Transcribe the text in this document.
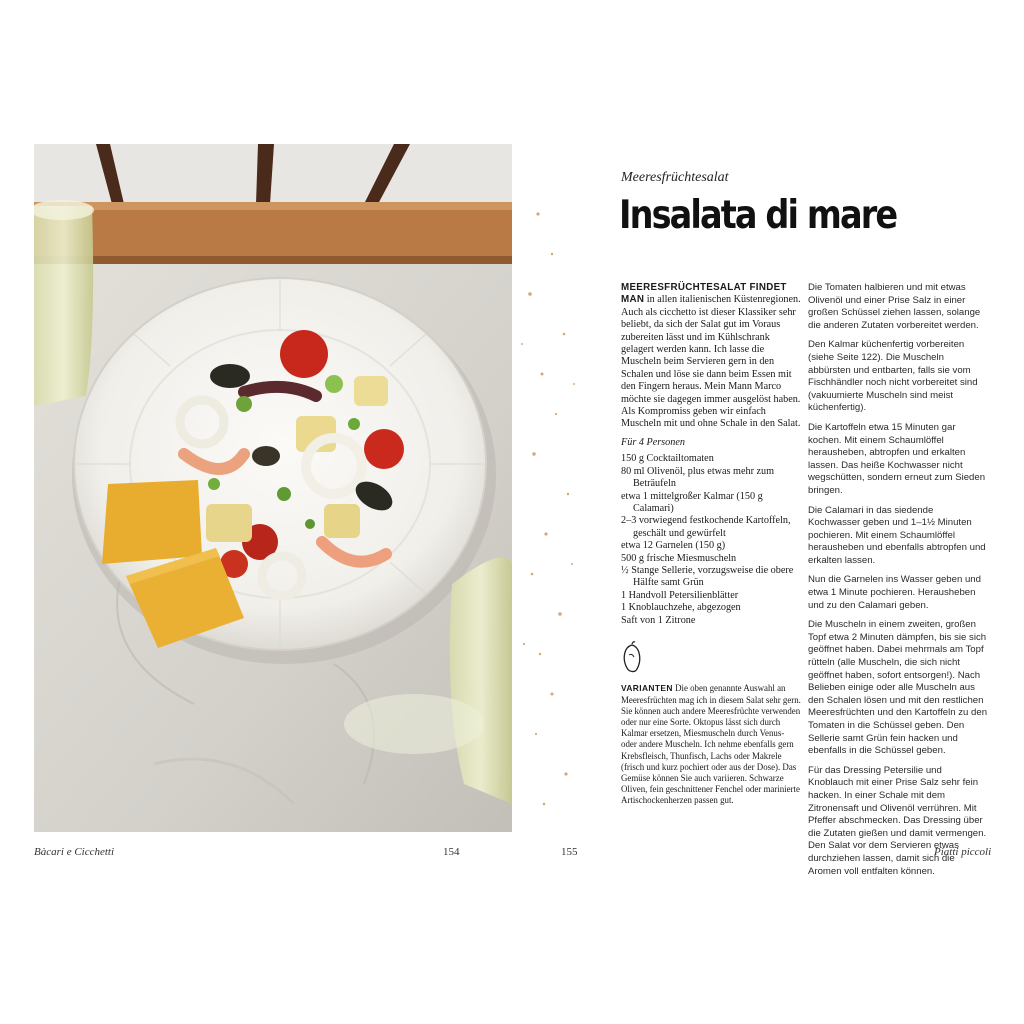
Meeresfrüchtesalat
Insalata di mare

MEERESFRÜCHTESALAT FINDET MAN in allen italienischen Küstenregionen. Auch als cicchetto ist dieser Klassiker sehr beliebt, da sich der Salat gut im Voraus zubereiten lässt und im Kühlschrank gelagert werden kann. Ich lasse die Muscheln beim Servieren gern in den Schalen und löse sie dann beim Essen mit den Fingern heraus. Mein Mann Marco möchte sie dagegen immer ausgelöst haben. Als Kompromiss geben wir einfach Muscheln mit und ohne Schale in den Salat.

Für 4 Personen
150 g Cocktailtomaten
80 ml Olivenöl, plus etwas mehr zum Beträufeln
etwa 1 mittelgroßer Kalmar (150 g Calamari)
2–3 vorwiegend festkochende Kartoffeln, geschält und gewürfelt
etwa 12 Garnelen (150 g)
500 g frische Miesmuscheln
½ Stange Sellerie, vorzugsweise die obere Hälfte samt Grün
1 Handvoll Petersilienblätter
1 Knoblauchzehe, abgezogen
Saft von 1 Zitrone

VARIANTEN Die oben genannte Auswahl an Meeresfrüchten mag ich in diesem Salat sehr gern. Sie können auch andere Meeresfrüchte verwenden oder nur eine Sorte. Oktopus lässt sich durch Kalmar ersetzen, Miesmuscheln durch Venus- oder andere Muscheln. Ich nehme ebenfalls gern Krebsfleisch, Thunfisch, Lachs oder Makrele (frisch und kurz pochiert oder aus der Dose). Das Gemüse können Sie auch variieren. Schwarze Oliven, fein geschnittener Fenchel oder marinierte Artischockenherzen passen gut.

Die Tomaten halbieren und mit etwas Olivenöl und einer Prise Salz in einer großen Schüssel ziehen lassen, solange die anderen Zutaten vorbereitet werden.

Den Kalmar küchenfertig vorbereiten (siehe Seite 122). Die Muscheln abbürsten und entbarten, falls sie vom Fischhändler noch nicht vorbereitet sind (vakuumierte Muscheln sind meist küchenfertig).

Die Kartoffeln etwa 15 Minuten gar kochen. Mit einem Schaumlöffel herausheben, abtropfen und erkalten lassen. Das heiße Kochwasser nicht wegschütten, sondern erneut zum Sieden bringen.

Die Calamari in das siedende Kochwasser geben und 1–1½ Minuten pochieren. Mit einem Schaumlöffel herausheben und ebenfalls abtropfen und erkalten lassen.

Nun die Garnelen ins Wasser geben und etwa 1 Minute pochieren. Herausheben und zu den Calamari geben.

Die Muscheln in einem zweiten, großen Topf etwa 2 Minuten dämpfen, bis sie sich geöffnet haben. Dabei mehrmals am Topf rütteln (alle Muscheln, die sich nicht geöffnet haben, sofort entsorgen!). Nach Belieben einige oder alle Muscheln aus den Schalen lösen und mit den restlichen Meeresfrüchten und den Kartoffeln zu den Tomaten in die Schüssel geben. Den Sellerie samt Grün fein hacken und ebenfalls in die Schüssel geben.

Für das Dressing Petersilie und Knoblauch mit einer Prise Salz sehr fein hacken. In einer Schale mit dem Zitronensaft und Olivenöl verrühren. Mit Pfeffer abschmecken. Das Dressing über die Zutaten gießen und damit vermengen. Den Salat vor dem Servieren etwas durchziehen lassen, damit sich die Aromen voll entfalten können.

Bàcari e Cicchetti	154	155	Piatti piccoli
